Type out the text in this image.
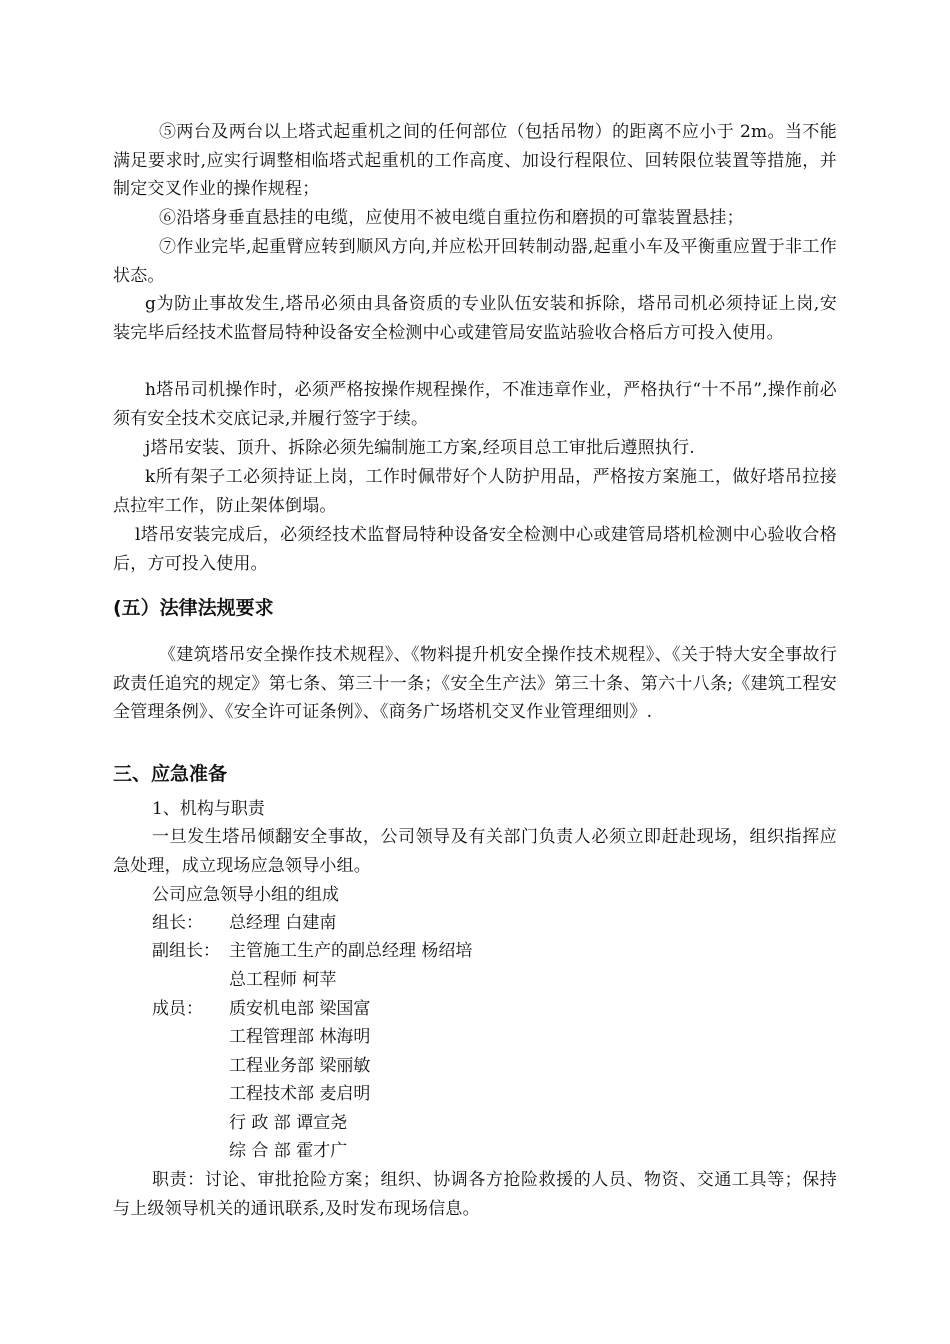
⑤两台及两台以上塔式起重机之间的任何部位（包括吊物）的距离不应小于 2m。当不能满足要求时,应实行调整相临塔式起重机的工作高度、加设行程限位、回转限位装置等措施，并制定交叉作业的操作规程；

⑥沿塔身垂直悬挂的电缆，应使用不被电缆自重拉伤和磨损的可靠装置悬挂；

⑦作业完毕,起重臂应转到顺风方向,并应松开回转制动器,起重小车及平衡重应置于非工作状态。

g为防止事故发生,塔吊必须由具备资质的专业队伍安装和拆除，塔吊司机必须持证上岗,安装完毕后经技术监督局特种设备安全检测中心或建管局安监站验收合格后方可投入使用。

h塔吊司机操作时，必须严格按操作规程操作，不准违章作业，严格执行“十不吊”,操作前必须有安全技术交底记录,并履行签字于续。

j塔吊安装、顶升、拆除必须先编制施工方案,经项目总工审批后遵照执行.

k所有架子工必须持证上岗，工作时佩带好个人防护用品，严格按方案施工，做好塔吊拉接点拉牢工作，防止架体倒塌。

l塔吊安装完成后，必须经技术监督局特种设备安全检测中心或建管局塔机检测中心验收合格后，方可投入使用。

(五）法律法规要求

《建筑塔吊安全操作技术规程》、《物料提升机安全操作技术规程》、《关于特大安全事故行政责任追究的规定》第七条、第三十一条；《安全生产法》第三十条、第六十八条;《建筑工程安全管理条例》、《安全许可证条例》、《商务广场塔机交叉作业管理细则》.

三、应急准备

1、机构与职责

一旦发生塔吊倾翻安全事故，公司领导及有关部门负责人必须立即赶赴现场，组织指挥应急处理，成立现场应急领导小组。

公司应急领导小组的组成

组长： 总经理 白建南

副组长： 主管施工生产的副总经理 杨绍培

总工程师 柯苹

成员： 质安机电部 梁国富

工程管理部 林海明

工程业务部 梁丽敏

工程技术部 麦启明

行 政 部 谭宣尧

综 合 部 霍才广

职责：讨论、审批抢险方案；组织、协调各方抢险救援的人员、物资、交通工具等；保持与上级领导机关的通讯联系,及时发布现场信息。
